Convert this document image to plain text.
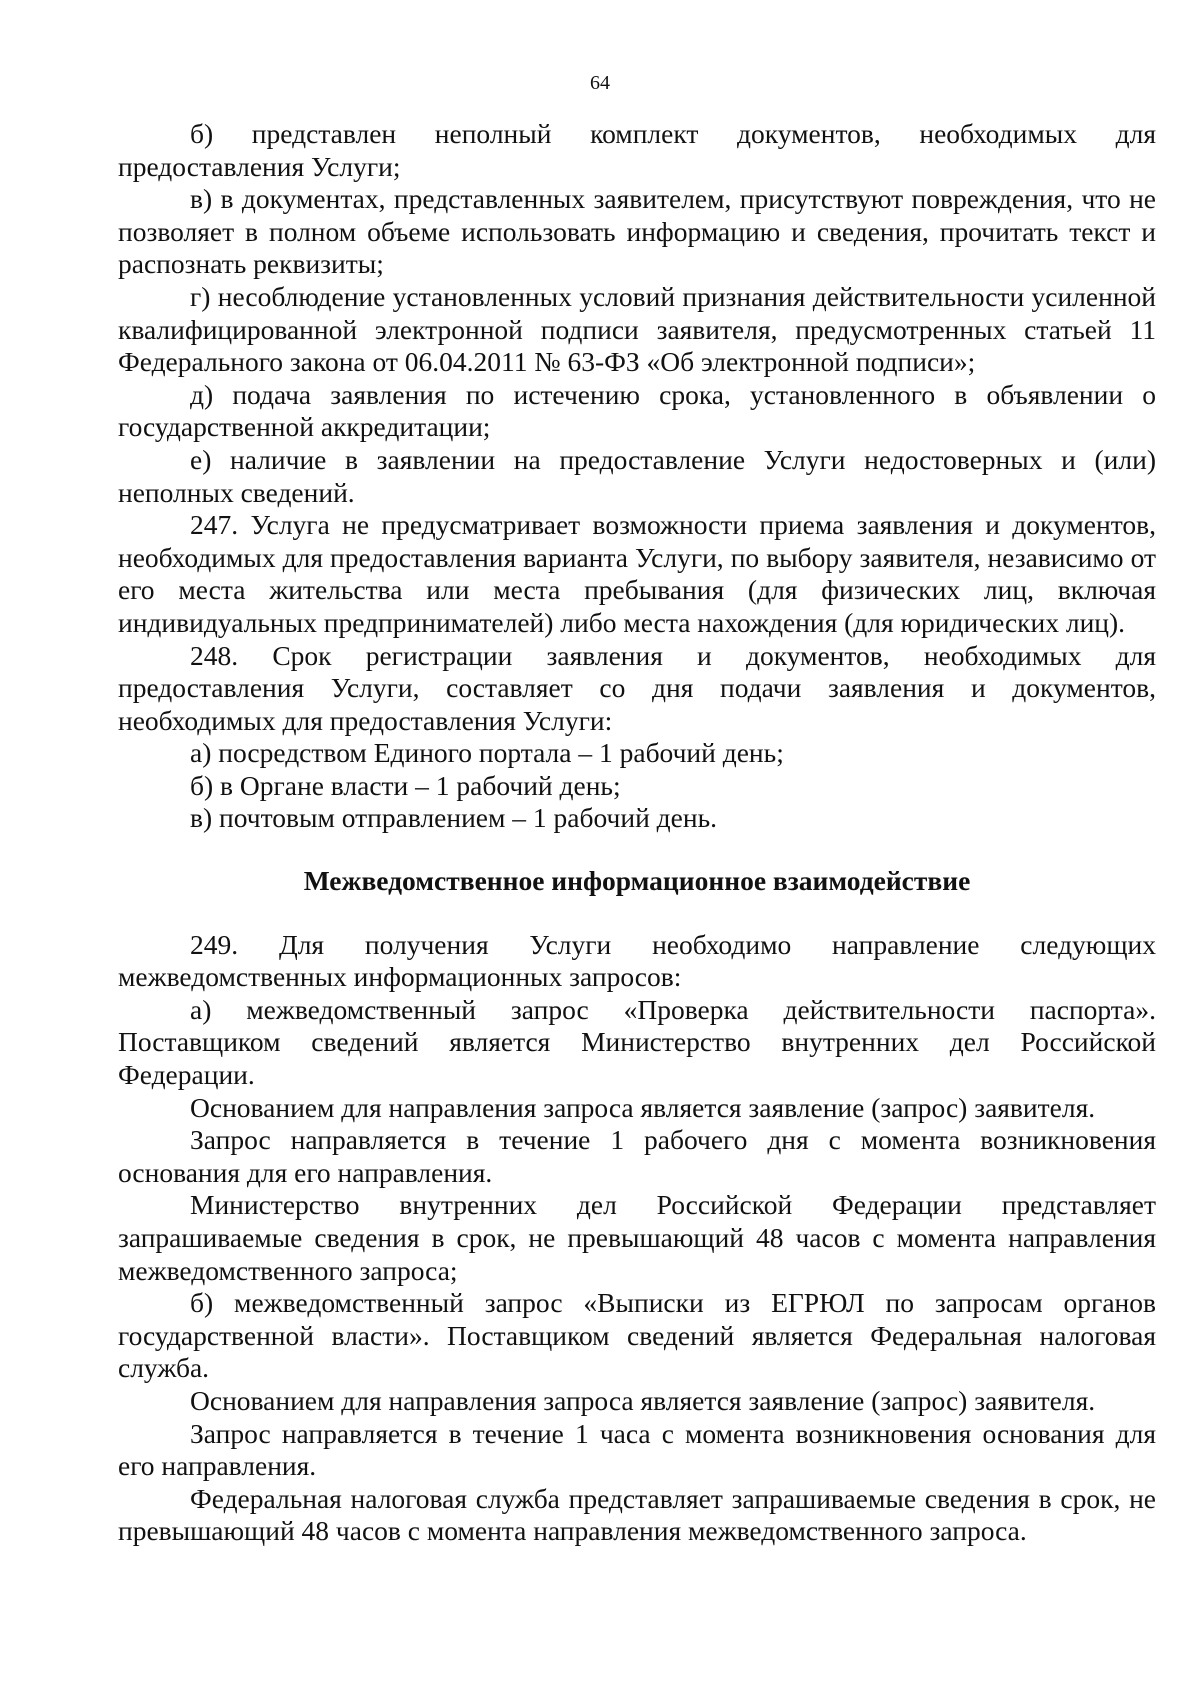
64

б) представлен неполный комплект документов, необходимых для предоставления Услуги;

в) в документах, представленных заявителем, присутствуют повреждения, что не позволяет в полном объеме использовать информацию и сведения, прочитать текст и распознать реквизиты;

г) несоблюдение установленных условий признания действительности усиленной квалифицированной электронной подписи заявителя, предусмотренных статьей 11 Федерального закона от 06.04.2011 № 63-ФЗ «Об электронной подписи»;

д) подача заявления по истечению срока, установленного в объявлении о государственной аккредитации;

е) наличие в заявлении на предоставление Услуги недостоверных и (или) неполных сведений.

247. Услуга не предусматривает возможности приема заявления и документов, необходимых для предоставления варианта Услуги, по выбору заявителя, независимо от его места жительства или места пребывания (для физических лиц, включая индивидуальных предпринимателей) либо места нахождения (для юридических лиц).

248. Срок регистрации заявления и документов, необходимых для предоставления Услуги, составляет со дня подачи заявления и документов, необходимых для предоставления Услуги:

а) посредством Единого портала – 1 рабочий день;

б) в Органе власти – 1 рабочий день;

в) почтовым отправлением – 1 рабочий день.

Межведомственное информационное взаимодействие

249. Для получения Услуги необходимо направление следующих межведомственных информационных запросов:

а) межведомственный запрос «Проверка действительности паспорта». Поставщиком сведений является Министерство внутренних дел Российской Федерации.

Основанием для направления запроса является заявление (запрос) заявителя.

Запрос направляется в течение 1 рабочего дня с момента возникновения основания для его направления.

Министерство внутренних дел Российской Федерации представляет запрашиваемые сведения в срок, не превышающий 48 часов с момента направления межведомственного запроса;

б) межведомственный запрос «Выписки из ЕГРЮЛ по запросам органов государственной власти». Поставщиком сведений является Федеральная налоговая служба.

Основанием для направления запроса является заявление (запрос) заявителя.

Запрос направляется в течение 1 часа с момента возникновения основания для его направления.

Федеральная налоговая служба представляет запрашиваемые сведения в срок, не превышающий 48 часов с момента направления межведомственного запроса.
